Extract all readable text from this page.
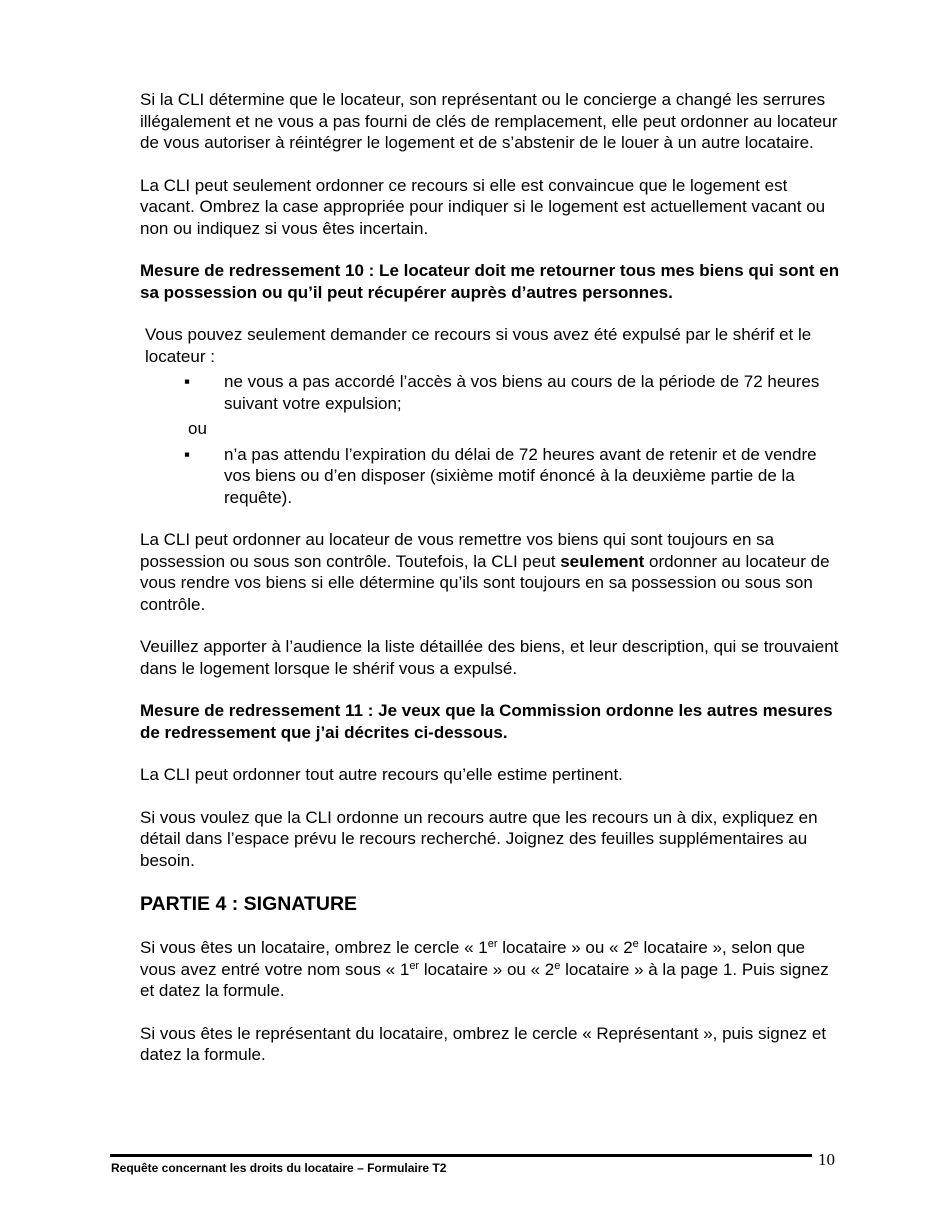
Si la CLI détermine que le locateur, son représentant ou le concierge a changé les serrures illégalement et ne vous a pas fourni de clés de remplacement, elle peut ordonner au locateur de vous autoriser à réintégrer le logement et de s’abstenir de le louer à un autre locataire.

La CLI peut seulement ordonner ce recours si elle est convaincue que le logement est vacant. Ombrez la case appropriée pour indiquer si le logement est actuellement vacant ou non ou indiquez si vous êtes incertain.

Mesure de redressement 10 : Le locateur doit me retourner tous mes biens qui sont en sa possession ou qu’il peut récupérer auprès d’autres personnes.

Vous pouvez seulement demander ce recours si vous avez été expulsé par le shérif et le locateur :
▪ ne vous a pas accordé l’accès à vos biens au cours de la période de 72 heures suivant votre expulsion;
ou
▪ n’a pas attendu l’expiration du délai de 72 heures avant de retenir et de vendre vos biens ou d’en disposer (sixième motif énoncé à la deuxième partie de la requête).

La CLI peut ordonner au locateur de vous remettre vos biens qui sont toujours en sa possession ou sous son contrôle. Toutefois, la CLI peut seulement ordonner au locateur de vous rendre vos biens si elle détermine qu’ils sont toujours en sa possession ou sous son contrôle.

Veuillez apporter à l’audience la liste détaillée des biens, et leur description, qui se trouvaient dans le logement lorsque le shérif vous a expulsé.

Mesure de redressement 11 : Je veux que la Commission ordonne les autres mesures de redressement que j’ai décrites ci-dessous.

La CLI peut ordonner tout autre recours qu’elle estime pertinent.

Si vous voulez que la CLI ordonne un recours autre que les recours un à dix, expliquez en détail dans l’espace prévu le recours recherché. Joignez des feuilles supplémentaires au besoin.

PARTIE 4 : SIGNATURE

Si vous êtes un locataire, ombrez le cercle « 1er locataire » ou « 2e locataire », selon que vous avez entré votre nom sous « 1er locataire » ou « 2e locataire » à la page 1. Puis signez et datez la formule.

Si vous êtes le représentant du locataire, ombrez le cercle « Représentant », puis signez et datez la formule.

Requête concernant les droits du locataire – Formulaire T2	10
